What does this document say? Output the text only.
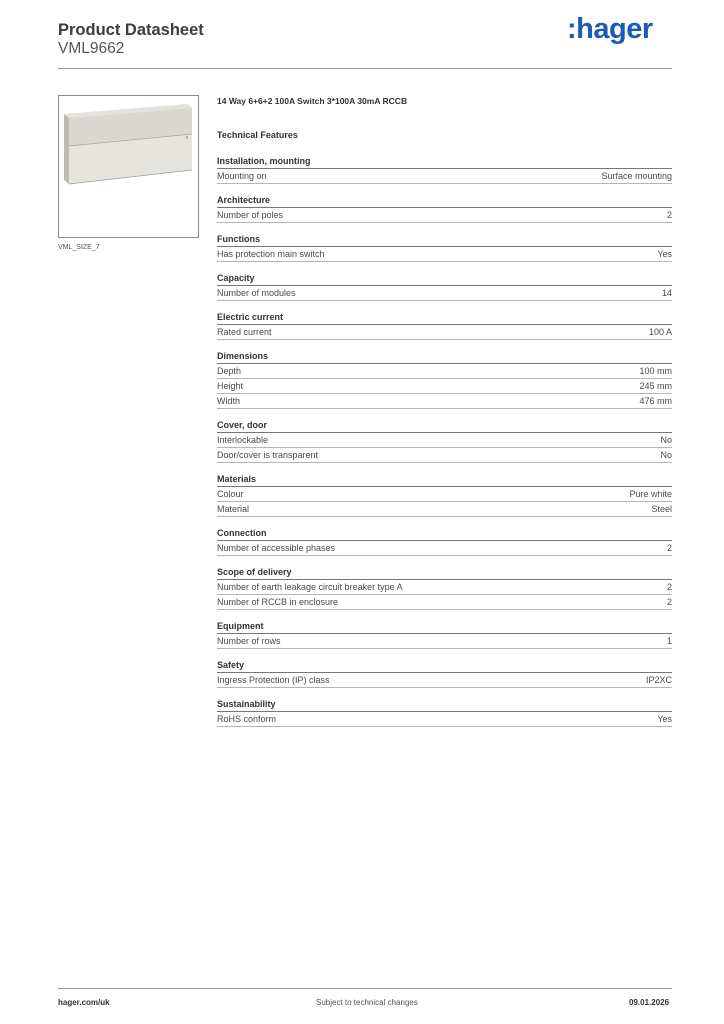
Product Datasheet
VML9662
:hager
VML_SIZE_7
14 Way 6+6+2 100A Switch 3*100A 30mA RCCB
Technical Features
Installation, mounting
Mounting on	Surface mounting
Architecture
Number of poles	2
Functions
Has protection main switch	Yes
Capacity
Number of modules	14
Electric current
Rated current	100 A
Dimensions
Depth	100 mm
Height	245 mm
Width	476 mm
Cover, door
Interlockable	No
Door/cover is transparent	No
Materials
Colour	Pure white
Material	Steel
Connection
Number of accessible phases	2
Scope of delivery
Number of earth leakage circuit breaker type A	2
Number of RCCB in enclosure	2
Equipment
Number of rows	1
Safety
Ingress Protection (IP) class	IP2XC
Sustainability
RoHS conform	Yes
hager.com/uk	Subject to technical changes	09.01.2026
